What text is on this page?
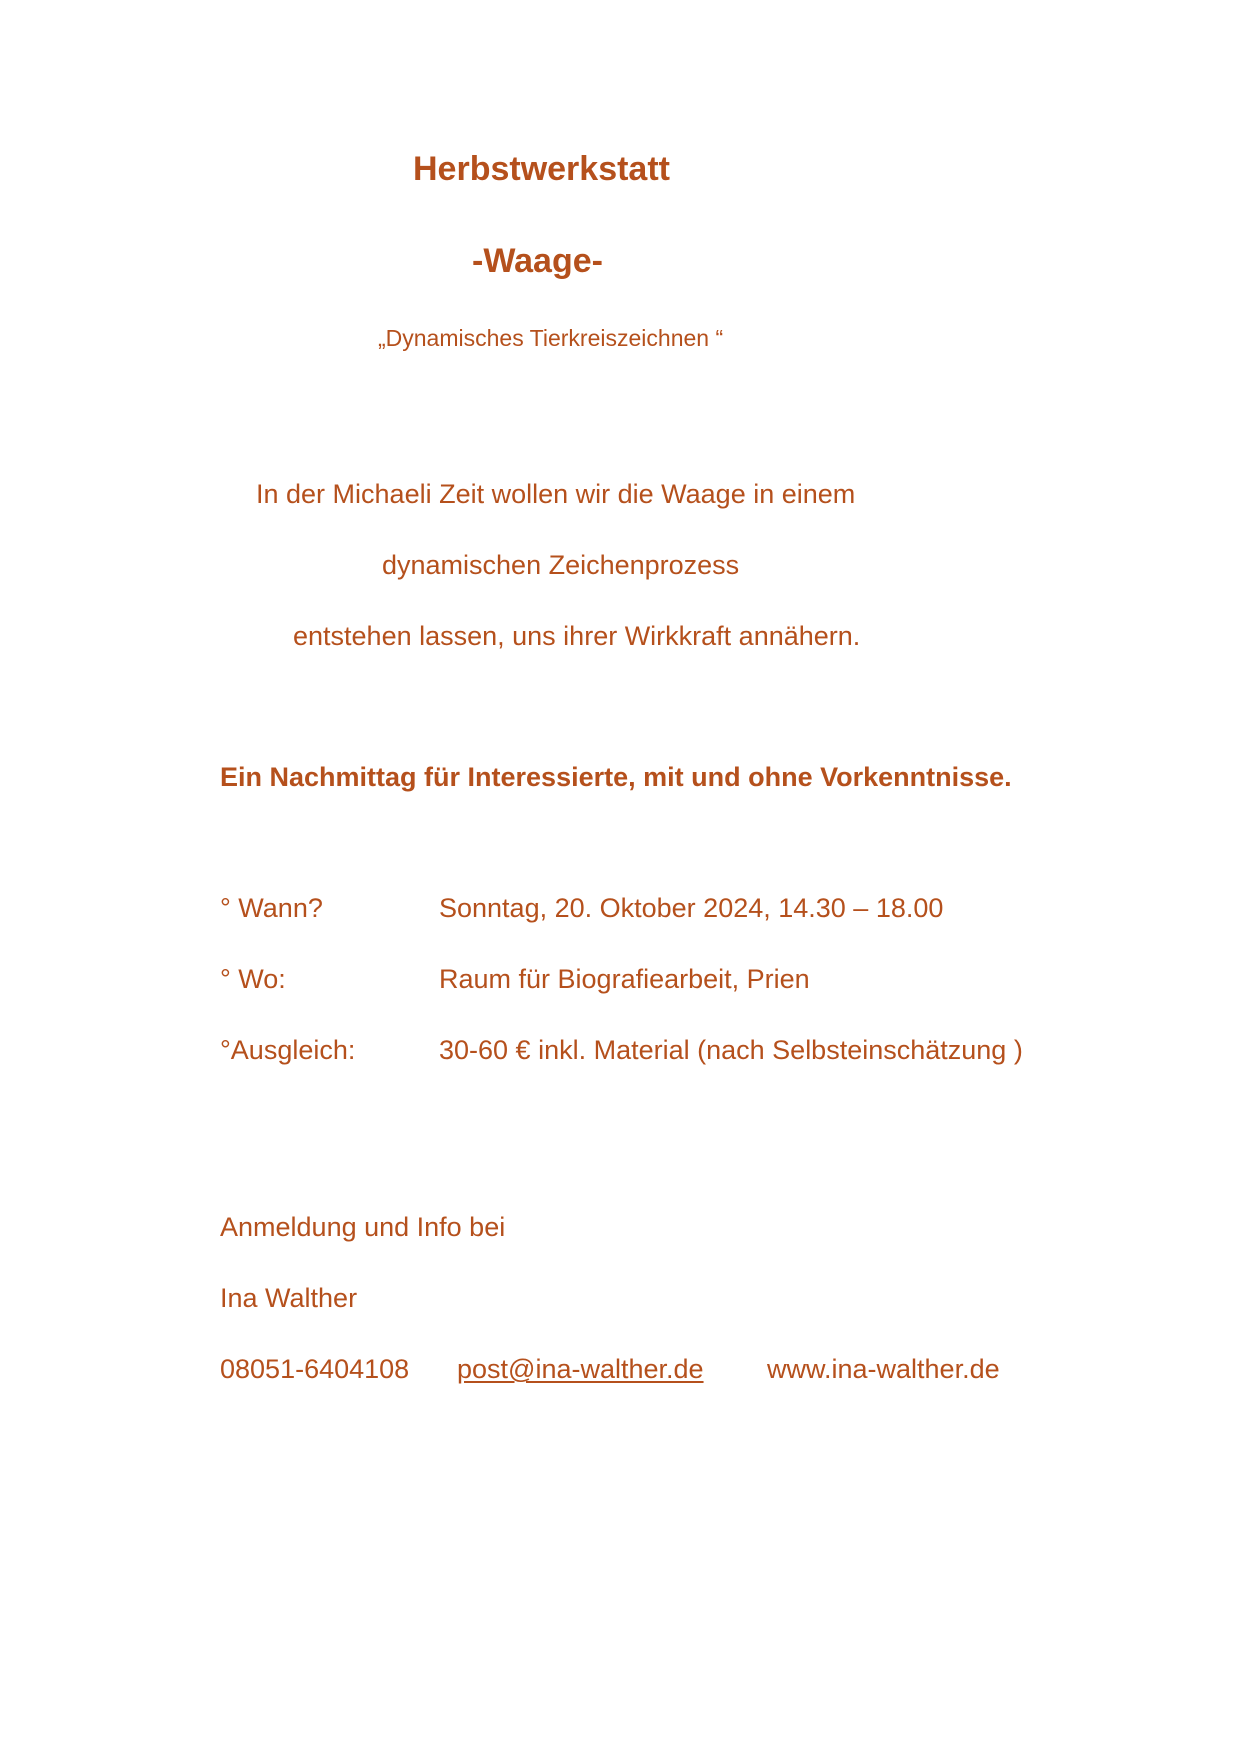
Herbstwerkstatt
-Waage-
„Dynamisches Tierkreiszeichnen “
In der Michaeli Zeit wollen wir die Waage in einem
dynamischen Zeichenprozess
entstehen lassen, uns ihrer Wirkkraft annähern.
Ein Nachmittag für Interessierte, mit und ohne Vorkenntnisse.
° Wann?	Sonntag, 20. Oktober 2024, 14.30 – 18.00
° Wo:	Raum für Biografiearbeit, Prien
°Ausgleich:	30-60 € inkl. Material (nach Selbsteinschätzung )
Anmeldung und Info bei
Ina Walther
08051-6404108 post@ina-walther.de www.ina-walther.de
